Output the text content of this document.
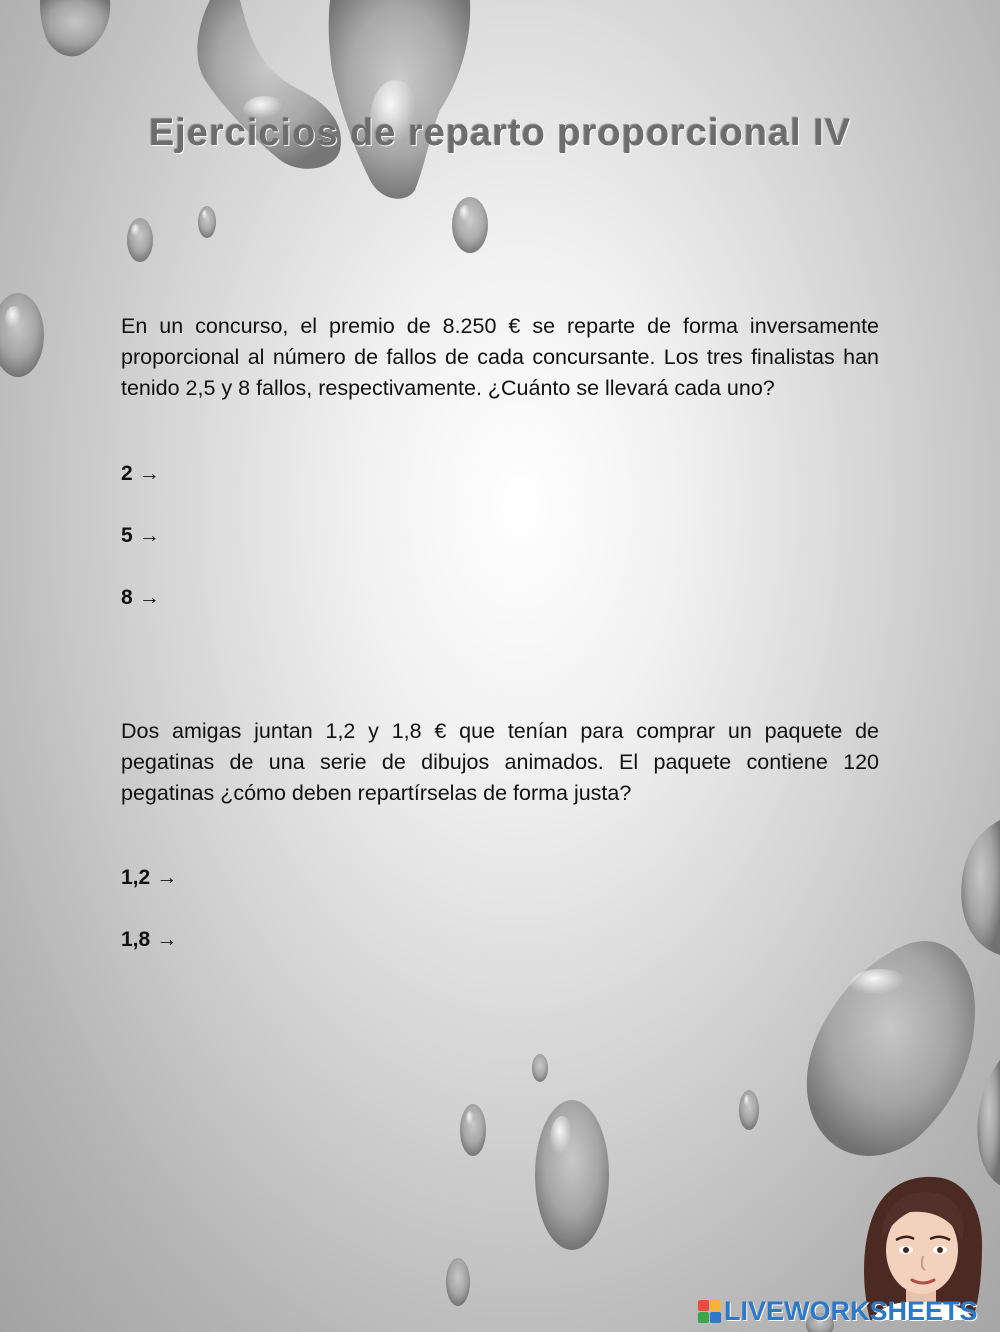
Ejercicios de reparto proporcional IV

En un concurso, el premio de 8.250 € se reparte de forma inversamente proporcional al número de fallos de cada concursante. Los tres finalistas han tenido 2,5 y 8 fallos, respectivamente. ¿Cuánto se llevará cada uno?

2 →
5 →
8 →

Dos amigas juntan 1,2 y 1,8 € que tenían para comprar un paquete de pegatinas de una serie de dibujos animados. El paquete contiene 120 pegatinas ¿cómo deben repartírselas de forma justa?

1,2 →
1,8 →
LIVEWORKSHEETS
